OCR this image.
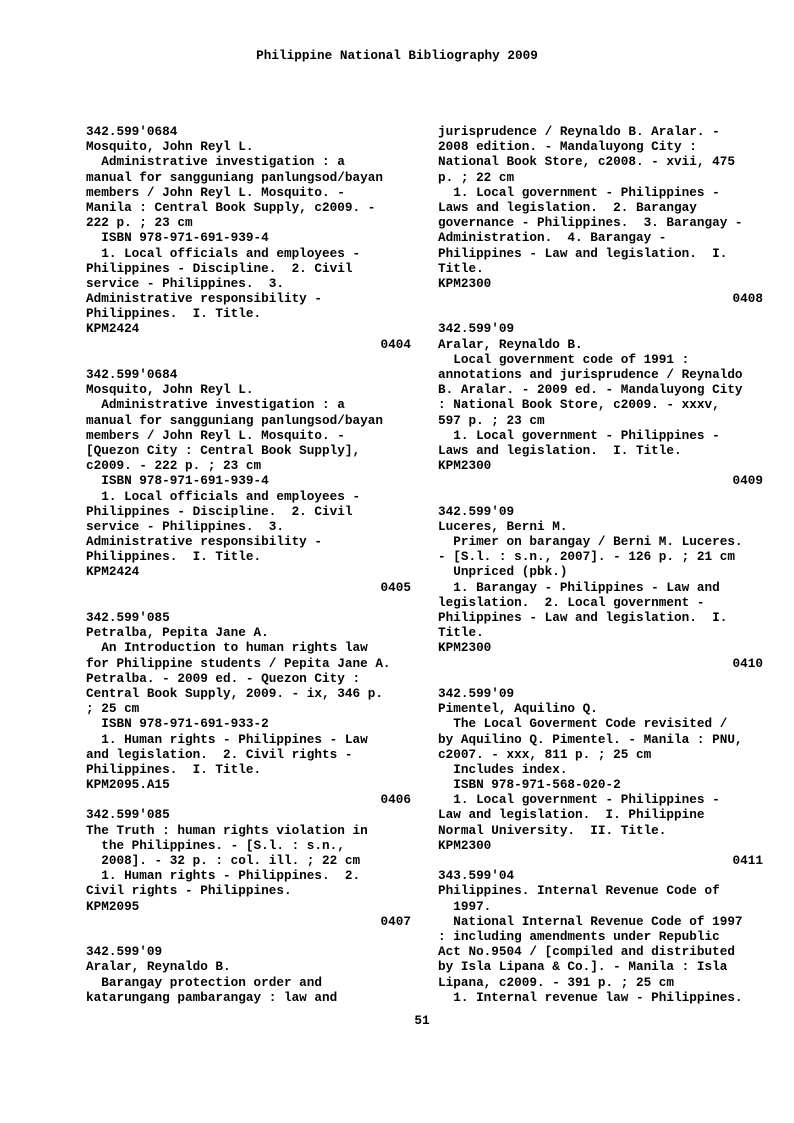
Philippine National Bibliography 2009
342.599'0684
Mosquito, John Reyl L.
Administrative investigation : a
manual for sangguniang panlungsod/bayan
members / John Reyl L. Mosquito. -
Manila : Central Book Supply, c2009. -
222 p. ; 23 cm
ISBN 978-971-691-939-4
1. Local officials and employees -
Philippines - Discipline.  2. Civil
service - Philippines.  3.
Administrative responsibility -
Philippines.  I. Title.
KPM2424
0404
342.599'0684
Mosquito, John Reyl L.
Administrative investigation : a
manual for sangguniang panlungsod/bayan
members / John Reyl L. Mosquito. -
[Quezon City : Central Book Supply],
c2009. - 222 p. ; 23 cm
ISBN 978-971-691-939-4
1. Local officials and employees -
Philippines - Discipline.  2. Civil
service - Philippines.  3.
Administrative responsibility -
Philippines.  I. Title.
KPM2424
0405
342.599'085
Petralba, Pepita Jane A.
An Introduction to human rights law
for Philippine students / Pepita Jane A.
Petralba. - 2009 ed. - Quezon City :
Central Book Supply, 2009. - ix, 346 p.
; 25 cm
ISBN 978-971-691-933-2
1. Human rights - Philippines - Law
and legislation.  2. Civil rights -
Philippines.  I. Title.
KPM2095.A15
0406
342.599'085
The Truth : human rights violation in
the Philippines. - [S.l. : s.n.,
2008]. - 32 p. : col. ill. ; 22 cm
1. Human rights - Philippines.  2.
Civil rights - Philippines.
KPM2095
0407
342.599'09
Aralar, Reynaldo B.
Barangay protection order and
katarungang pambarangay : law and
jurisprudence / Reynaldo B. Aralar. -
2008 edition. - Mandaluyong City :
National Book Store, c2008. - xvii, 475
p. ; 22 cm
1. Local government - Philippines -
Laws and legislation.  2. Barangay
governance - Philippines.  3. Barangay -
Administration.  4. Barangay -
Philippines - Law and legislation.  I.
Title.
KPM2300
0408
342.599'09
Aralar, Reynaldo B.
Local government code of 1991 :
annotations and jurisprudence / Reynaldo
B. Aralar. - 2009 ed. - Mandaluyong City
: National Book Store, c2009. - xxxv,
597 p. ; 23 cm
1. Local government - Philippines -
Laws and legislation.  I. Title.
KPM2300
0409
342.599'09
Luceres, Berni M.
Primer on barangay / Berni M. Luceres.
- [S.l. : s.n., 2007]. - 126 p. ; 21 cm
Unpriced (pbk.)
1. Barangay - Philippines - Law and
legislation.  2. Local government -
Philippines - Law and legislation.  I.
Title.
KPM2300
0410
342.599'09
Pimentel, Aquilino Q.
The Local Goverment Code revisited /
by Aquilino Q. Pimentel. - Manila : PNU,
c2007. - xxx, 811 p. ; 25 cm
Includes index.
ISBN 978-971-568-020-2
1. Local government - Philippines -
Law and legislation.  I. Philippine
Normal University.  II. Title.
KPM2300
0411
343.599'04
Philippines. Internal Revenue Code of
1997.
National Internal Revenue Code of 1997
: including amendments under Republic
Act No.9504 / [compiled and distributed
by Isla Lipana & Co.]. - Manila : Isla
Lipana, c2009. - 391 p. ; 25 cm
1. Internal revenue law - Philippines.
51
